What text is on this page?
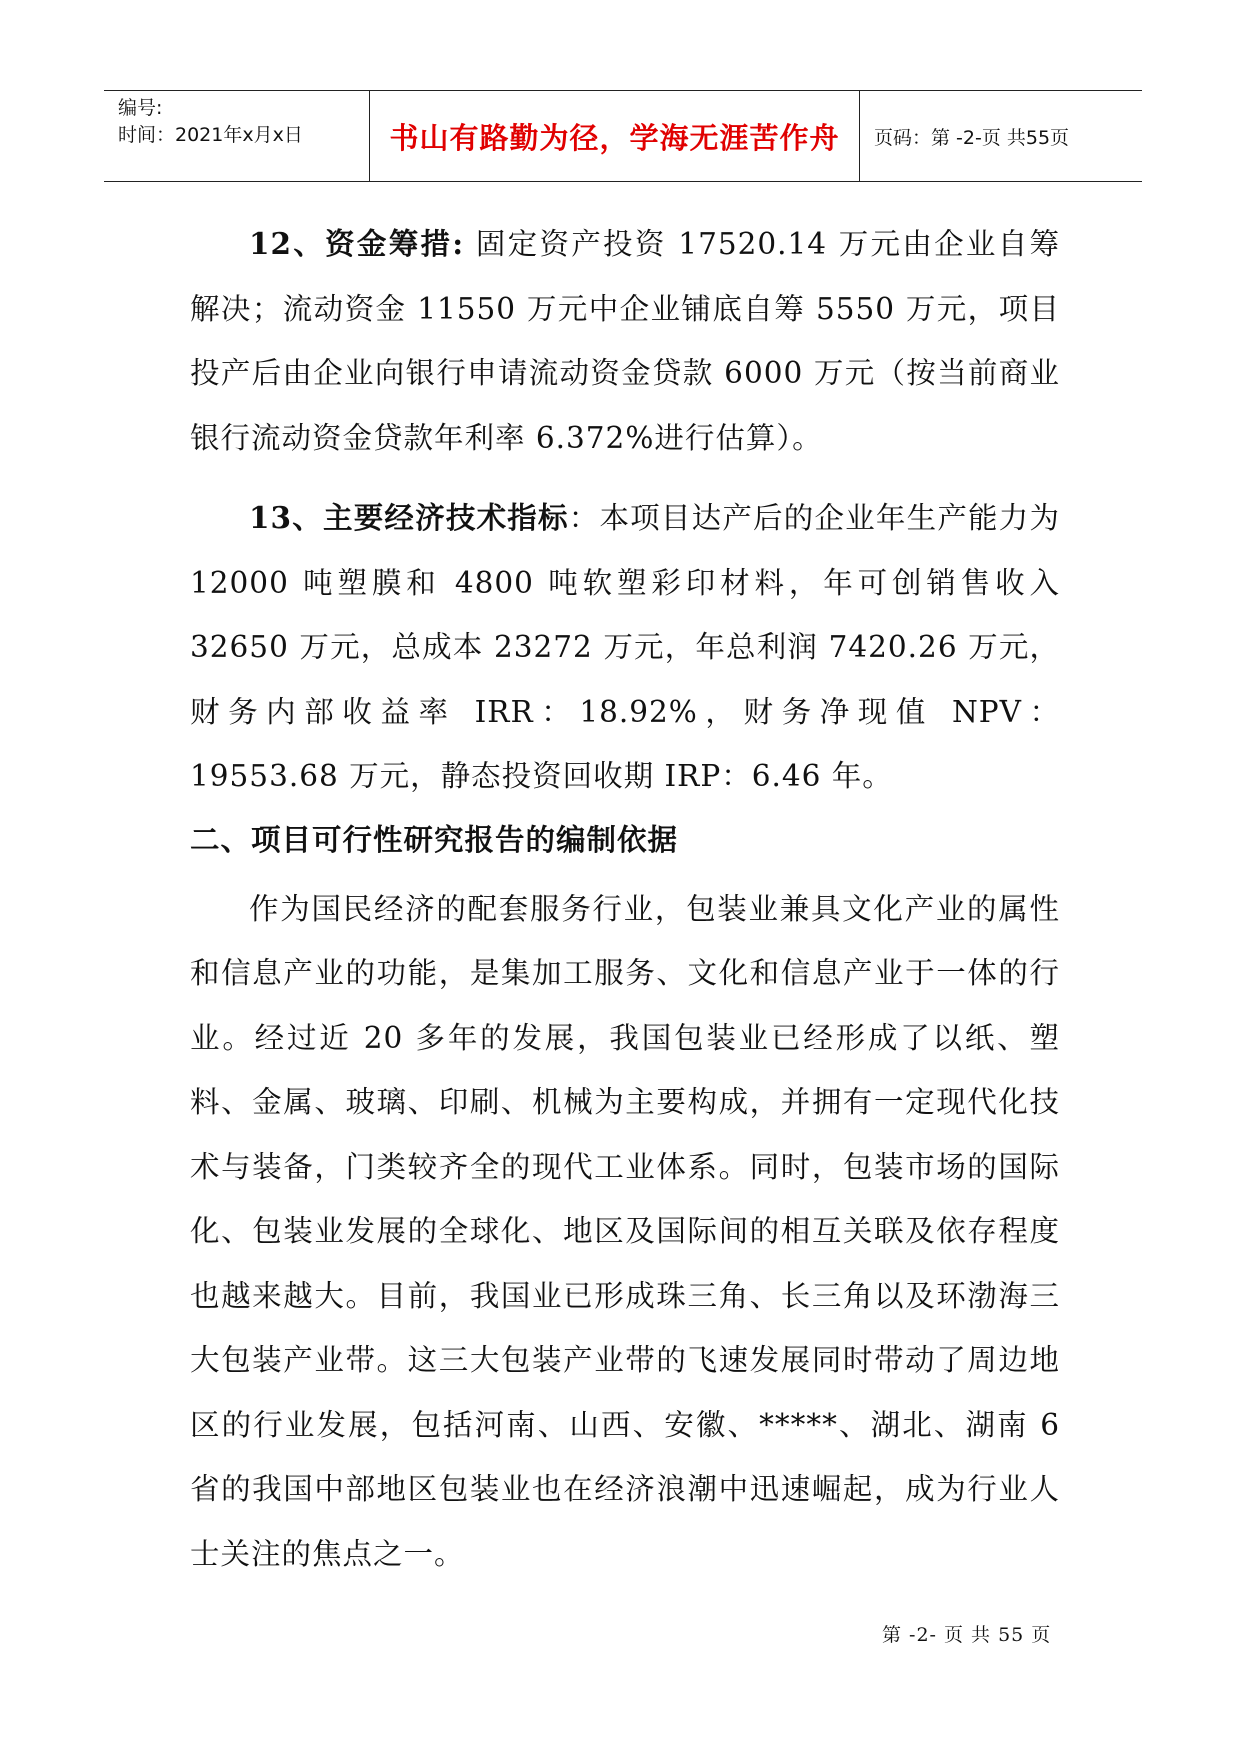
编号:
时间：2021年x月x日	书山有路勤为径，学海无涯苦作舟 页码：第 -2-页 共55页

12、资金筹措: 固定资产投资 17520.14 万元由企业自筹解决；流动资金 11550 万元中企业铺底自筹 5550 万元，项目投产后由企业向银行申请流动资金贷款 6000 万元（按当前商业银行流动资金贷款年利率 6.372%进行估算）。

13、主要经济技术指标：本项目达产后的企业年生产能力为 12000 吨塑膜和 4800 吨软塑彩印材料，年可创销售收入32650 万元，总成本 23272 万元，年总利润 7420.26 万元，财务内部收益率 IRR：18.92%，财务净现值 NPV：19553.68 万元，静态投资回收期 IRP：6.46 年。

二、项目可行性研究报告的编制依据

作为国民经济的配套服务行业，包装业兼具文化产业的属性和信息产业的功能，是集加工服务、文化和信息产业于一体的行业。经过近 20 多年的发展，我国包装业已经形成了以纸、塑料、金属、玻璃、印刷、机械为主要构成，并拥有一定现代化技术与装备，门类较齐全的现代工业体系。同时，包装市场的国际化、包装业发展的全球化、地区及国际间的相互关联及依存程度也越来越大。目前，我国业已形成珠三角、长三角以及环渤海三大包装产业带。这三大包装产业带的飞速发展同时带动了周边地区的行业发展，包括河南、山西、安徽、*****、湖北、湖南 6 省的我国中部地区包装业也在经济浪潮中迅速崛起，成为行业人士关注的焦点之一。

第 -2- 页 共 55 页
